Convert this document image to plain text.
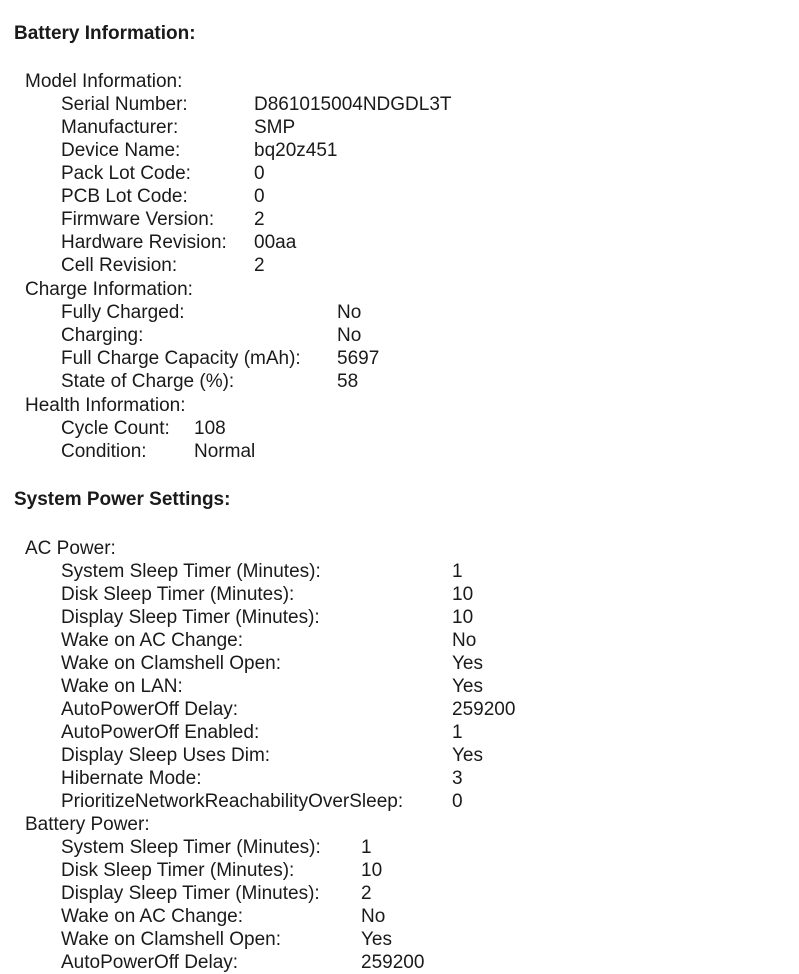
Battery Information:
Model Information:
Serial Number:	D861015004NDGDL3T
Manufacturer:	SMP
Device Name:	bq20z451
Pack Lot Code:	0
PCB Lot Code:	0
Firmware Version: 2
Hardware Revision: 00aa
Cell Revision:	2
Charge Information:
Fully Charged:	No
Charging:	No
Full Charge Capacity (mAh): 5697
State of Charge (%):	58
Health Information:
Cycle Count: 108
Condition: Normal
System Power Settings:
AC Power:
System Sleep Timer (Minutes):	1
Disk Sleep Timer (Minutes):	10
Display Sleep Timer (Minutes):	10
Wake on AC Change:	No
Wake on Clamshell Open:	Yes
Wake on LAN:	Yes
AutoPowerOff Delay:	259200
AutoPowerOff Enabled:	1
Display Sleep Uses Dim:	Yes
Hibernate Mode:	3
PrioritizeNetworkReachabilityOverSleep:	0
Battery Power:
System Sleep Timer (Minutes): 1
Disk Sleep Timer (Minutes):	10
Display Sleep Timer (Minutes): 2
Wake on AC Change:	No
Wake on Clamshell Open:	Yes
AutoPowerOff Delay:	259200
